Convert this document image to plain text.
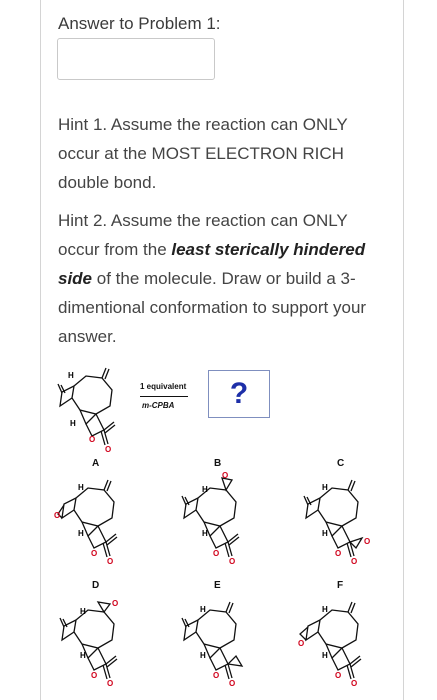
Answer to Problem 1:
Hint 1. Assume the reaction can ONLY occur at the MOST ELECTRON RICH double bond.
Hint 2. Assume the reaction can ONLY occur from the least sterically hindered side of the molecule. Draw or build a 3-dimentional conformation to support your answer.
H
H
O
O
1 equivalent
m-CPBA	?
A	B	C
D	E	F
O
H
H
O
O
O
H
H
O
O
O
H
H
O
O
O
H
H
O
O
H
H
O
O
O
H
H
O
O
